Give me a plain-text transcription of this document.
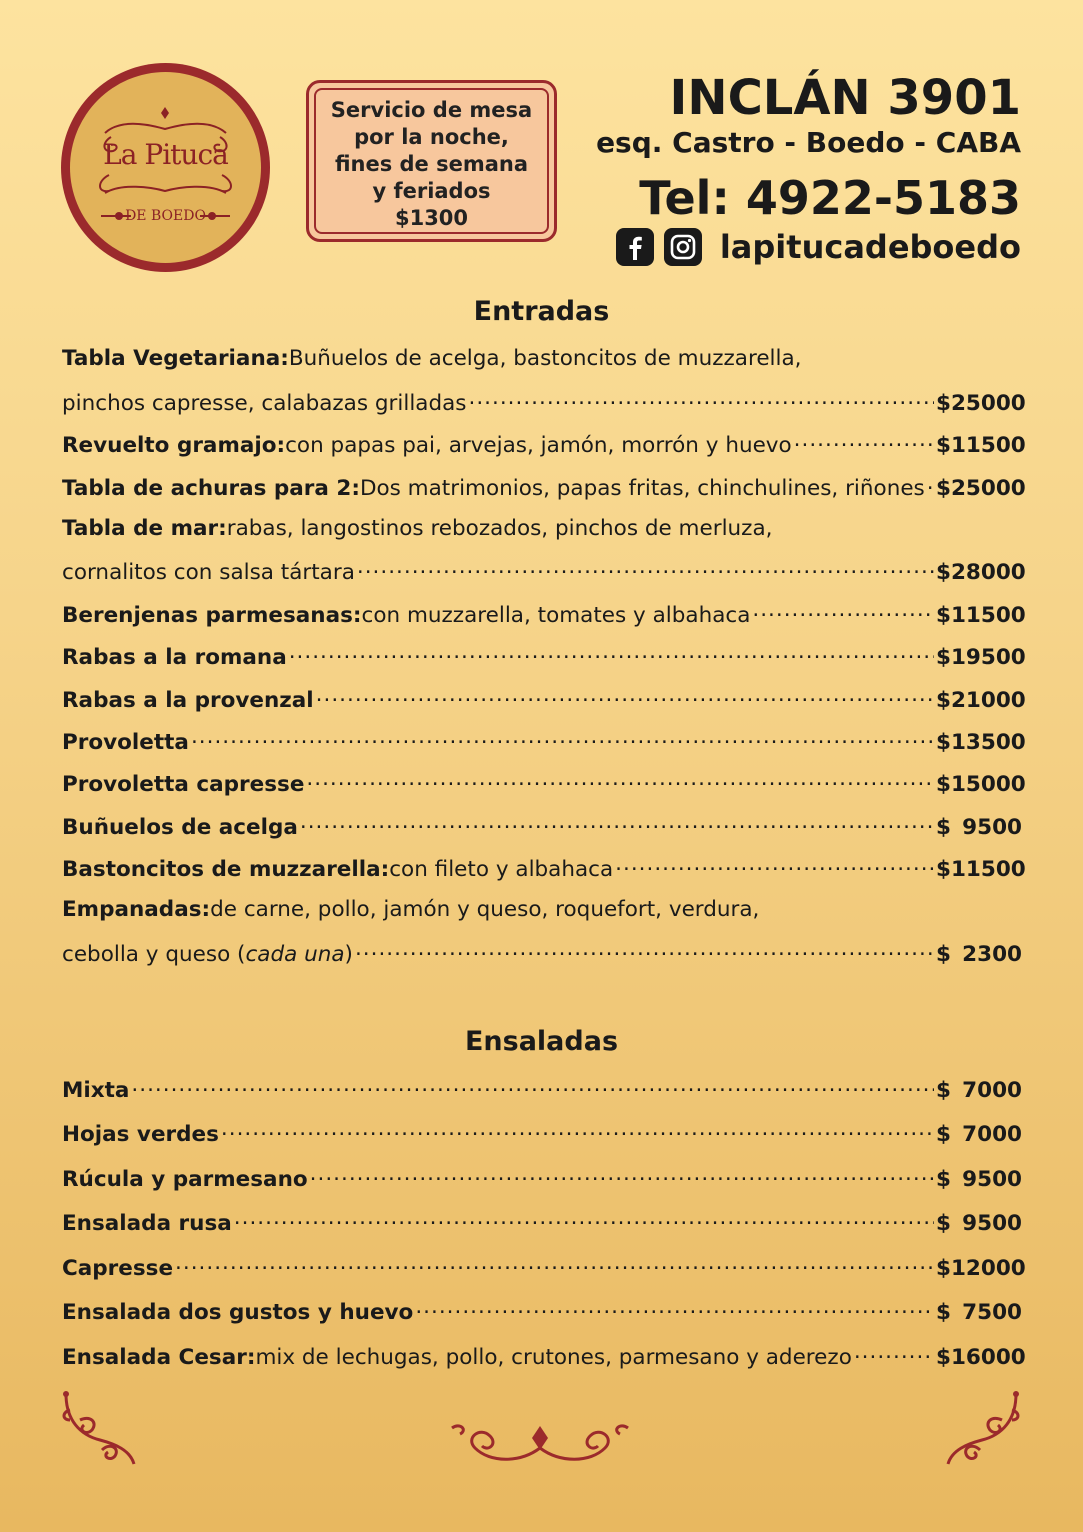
La Pituca
DE BOEDO
Servicio de mesa
por la noche,
fines de semana
y feriados
$1300
INCLÁN 3901
esq. Castro - Boedo - CABA
Tel: 4922-5183
lapitucadeboedo
Entradas
Tabla Vegetariana: Buñuelos de acelga, bastoncitos de muzzarella,
pinchos capresse, calabazas grilladas .....	$ 25000
Revuelto gramajo: con papas pai, arvejas, jamón, morrón y huevo .....	$ 11500
Tabla de achuras para 2: Dos matrimonios, papas fritas, chinchulines, riñones ..... $ 25000
Tabla de mar: rabas, langostinos rebozados, pinchos de merluza,
cornalitos con salsa tártara .....	$ 28000
Berenjenas parmesanas: con muzzarella, tomates y albahaca .....	$ 11500
Rabas a la romana .....	$ 19500
Rabas a la provenzal .....	$ 21000
Provoletta .....	$ 13500
Provoletta capresse .....	$ 15000
Buñuelos de acelga .....	$ 9500
Bastoncitos de muzzarella: con fileto y albahaca .....	$ 11500
Empanadas: de carne, pollo, jamón y queso, roquefort, verdura,
cebolla y queso (cada una) .....	$ 2300
Ensaladas
Mixta .....	$ 7000
Hojas verdes .....	$ 7000
Rúcula y parmesano .....	$ 9500
Ensalada rusa .....	$ 9500
Capresse .....	$ 12000
Ensalada dos gustos y huevo .....	$ 7500
Ensalada Cesar: mix de lechugas, pollo, crutones, parmesano y aderezo .....	$ 16000
